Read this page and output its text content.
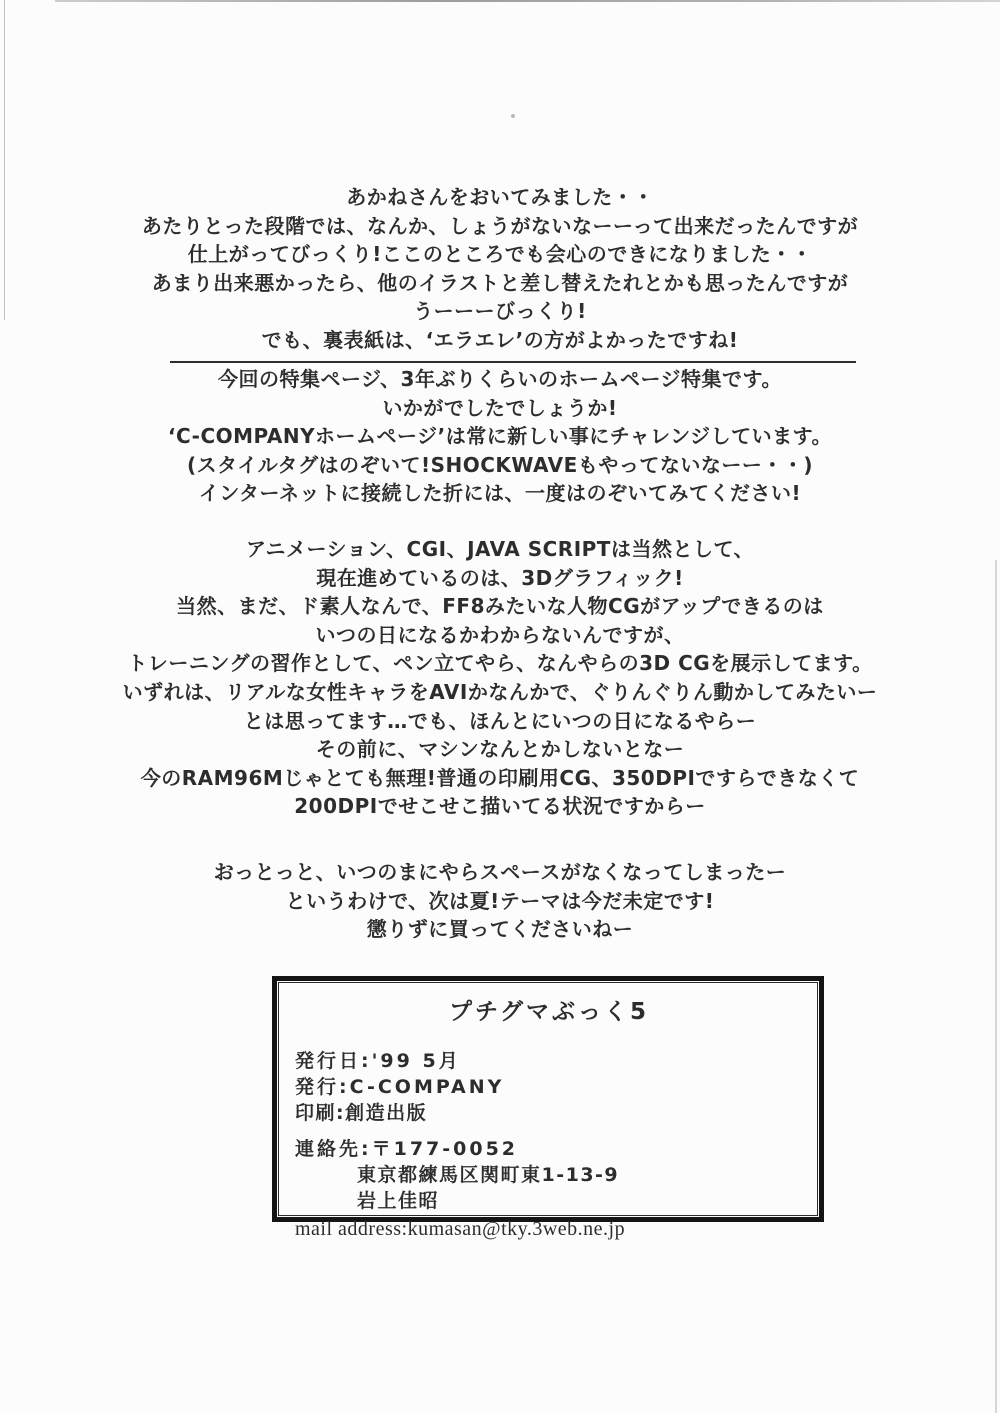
あかねさんをおいてみました・・
あたりとった段階では、なんか、しょうがないなーーって出来だったんですが
仕上がってびっくり!ここのところでも会心のできになりました・・
あまり出来悪かったら、他のイラストと差し替えたれとかも思ったんですが
うーーーびっくり!
でも、裏表紙は、‘エラエレ’の方がよかったですね!
今回の特集ページ、3年ぶりくらいのホームページ特集です。
いかがでしたでしょうか!
‘C-COMPANYホームページ’は常に新しい事にチャレンジしています。
(スタイルタグはのぞいて!SHOCKWAVEもやってないなーー・・)
インターネットに接続した折には、一度はのぞいてみてください!
アニメーション、CGI、JAVA SCRIPTは当然として、
現在進めているのは、3Dグラフィック!
当然、まだ、ド素人なんで、FF8みたいな人物CGがアップできるのは
いつの日になるかわからないんですが、
トレーニングの習作として、ペン立てやら、なんやらの3D CGを展示してます。
いずれは、リアルな女性キャラをAVIかなんかで、ぐりんぐりん動かしてみたいー
とは思ってます…でも、ほんとにいつの日になるやらー
その前に、マシンなんとかしないとなー
今のRAM96Mじゃとても無理!普通の印刷用CG、350DPIですらできなくて
200DPIでせこせこ描いてる状況ですからー
おっとっと、いつのまにやらスペースがなくなってしまったー
というわけで、次は夏!テーマは今だ未定です!
懲りずに買ってくださいねー
プチグマぶっく5
発行日:'99 5月
発行:C-COMPANY
印刷:創造出版
連絡先:〒177-0052
東京都練馬区関町東1-13-9
岩上佳昭
mail address:kumasan@tky.3web.ne.jp
